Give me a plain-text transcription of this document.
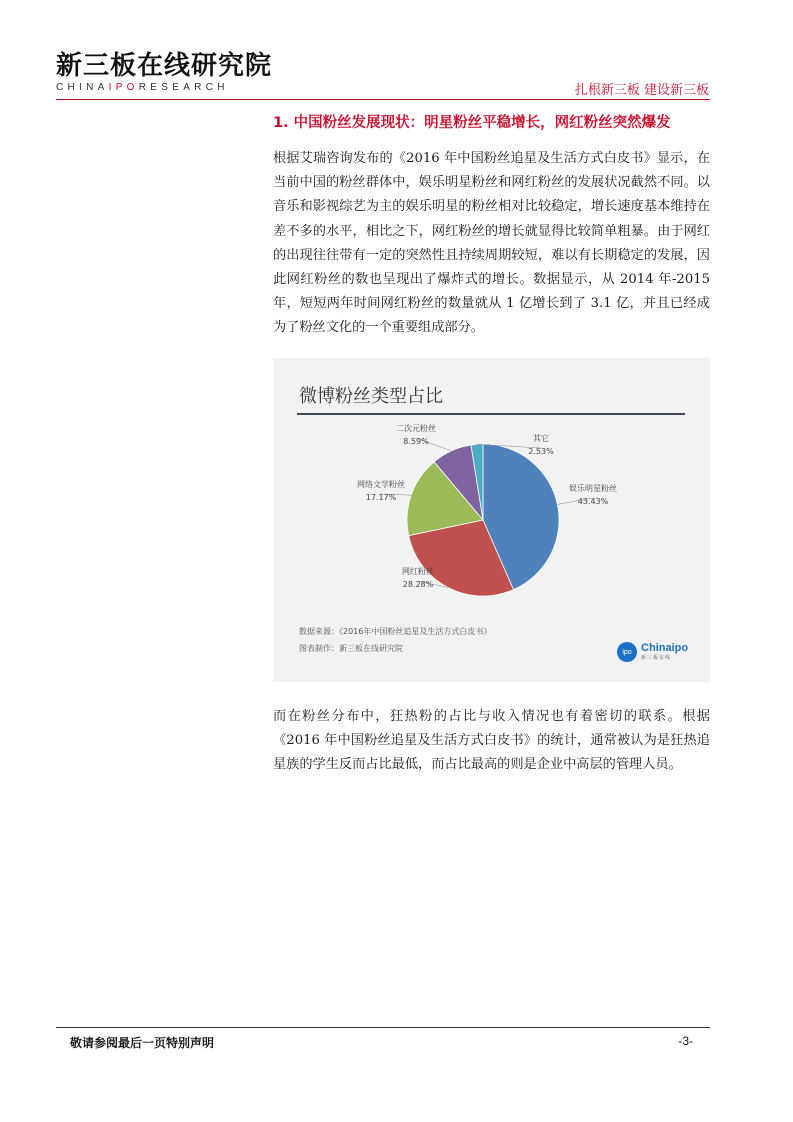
新三板在线研究院
CHINAIPORESEARCH	扎根新三板 建设新三板
1. 中国粉丝发展现状：明星粉丝平稳增长，网红粉丝突然爆发
根据艾瑞咨询发布的《2016 年中国粉丝追星及生活方式白皮书》显示，在当前中国的粉丝群体中，娱乐明星粉丝和网红粉丝的发展状况截然不同。以音乐和影视综艺为主的娱乐明星的粉丝相对比较稳定，增长速度基本维持在差不多的水平，相比之下，网红粉丝的增长就显得比较简单粗暴。由于网红的出现往往带有一定的突然性且持续周期较短，难以有长期稳定的发展，因此网红粉丝的数也呈现出了爆炸式的增长。数据显示，从 2014 年-2015 年，短短两年时间网红粉丝的数量就从 1 亿增长到了 3.1 亿，并且已经成为了粉丝文化的一个重要组成部分。
微博粉丝类型占比
娱乐明星粉丝
43.43%
网红粉丝
28.28%
网络文学粉丝
17.17%
二次元粉丝
8.59%	其它
2.53%
数据来源：《2016年中国粉丝追星及生活方式白皮书》
图表制作：新三板在线研究院	ipo Chinaipo
新三板在线
而在粉丝分布中，狂热粉的占比与收入情况也有着密切的联系。根据《2016 年中国粉丝追星及生活方式白皮书》的统计，通常被认为是狂热追星族的学生反而占比最低，而占比最高的则是企业中高层的管理人员。
敬请参阅最后一页特别声明	-3-
